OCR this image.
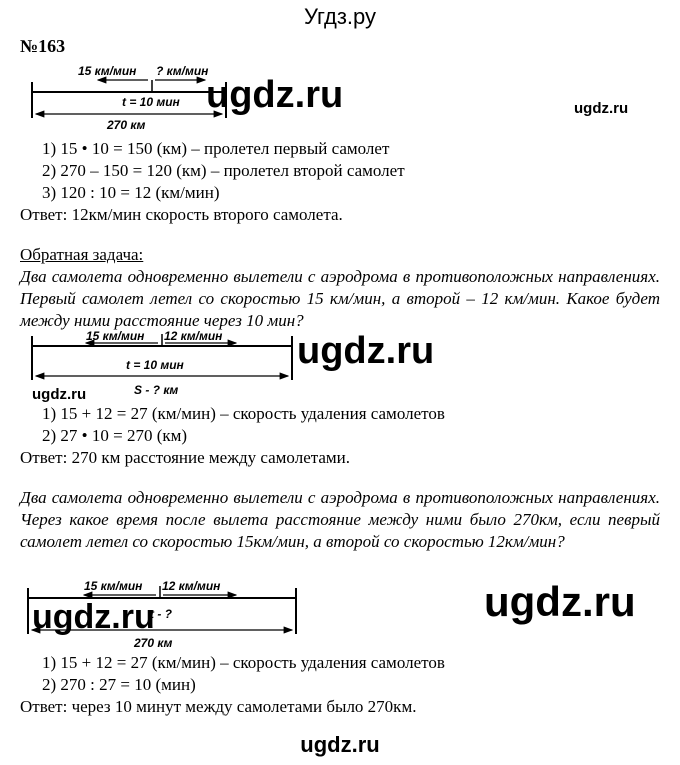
Угдз.ру
№163
15 км/мин ? км/мин
t = 10 мин
270 км
15 км/мин 12 км/мин
t = 10 мин
S - ? км
15 км/мин 12 км/мин
t - ?
270 км
ugdz.ru	ugdz.ru
ugdz.ru
ugdz.ru
ugdz.ru	ugdz.ru
1) 15 • 10 = 150 (км) – пролетел первый самолет
2) 270 – 150 = 120 (км) – пролетел второй самолет
3) 120 : 10 = 12 (км/мин)
Ответ: 12км/мин скорость второго самолета.
Обратная задача:
Два самолета одновременно вылетели с аэродрома в противоположных направлениях. Первый самолет летел со скоростью 15 км/мин, а второй – 12 км/мин. Какое будет между ними расстояние через 10 мин?
1) 15 + 12 = 27 (км/мин) – скорость удаления самолетов
2) 27 • 10 = 270 (км)
Ответ: 270 км расстояние между самолетами.
Два самолета одновременно вылетели с аэродрома в противоположных направлениях. Через какое время после вылета расстояние между ними было 270км, если певрый самолет летел со скоростью 15км/мин, а второй со скоростью 12км/мин?
1) 15 + 12 = 27 (км/мин) – скорость удаления самолетов
2) 270 : 27 = 10 (мин)
Ответ: через 10 минут между самолетами было 270км.
ugdz.ru
